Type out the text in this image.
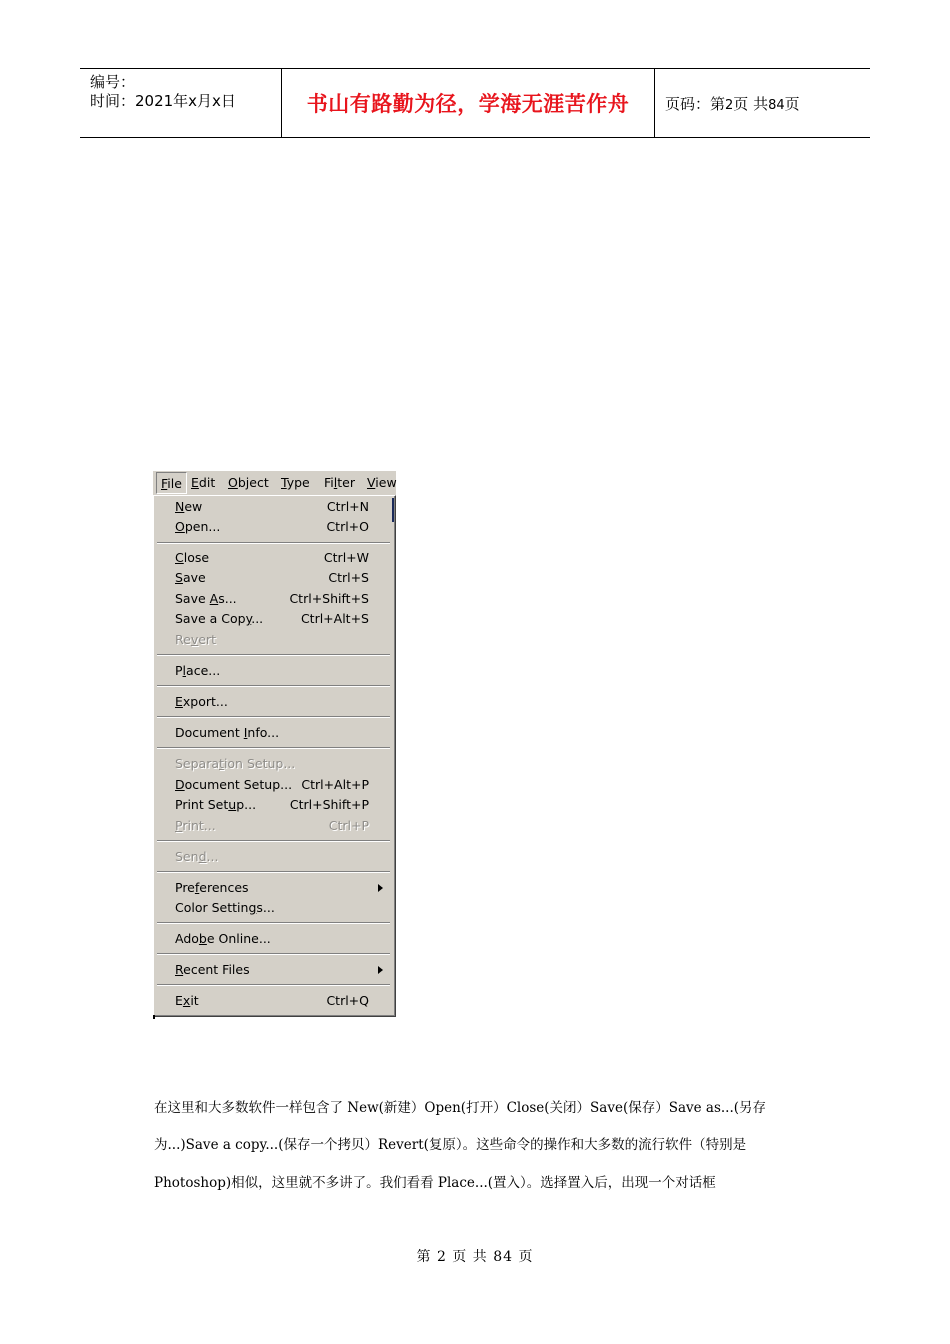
编号：
时间：2021年x月x日	书山有路勤为径，学海无涯苦作舟	页码：第2页 共84页
File Edit Object Type Filter View
New	Ctrl+N
Open...	Ctrl+O
Close	Ctrl+W
Save	Ctrl+S
Save As...	Ctrl+Shift+S
Save a Copy...	Ctrl+Alt+S
Revert
Place...
Export...
Document Info...
Separation Setup...
Document Setup... Ctrl+Alt+P
Print Setup...	Ctrl+Shift+P
Print...	Ctrl+P
Send...
Preferences
Color Settings...
Adobe Online...
Recent Files
Exit	Ctrl+Q
在这里和大多数软件一样包含了 New(新建）Open(打开）Close(关闭）Save(保存）Save as...(另存
为...)Save a copy...(保存一个拷贝）Revert(复原）。这些命令的操作和大多数的流行软件（特别是
Photoshop)相似，这里就不多讲了。我们看看 Place...(置入）。选择置入后，出现一个对话框
第 2 页 共 84 页
